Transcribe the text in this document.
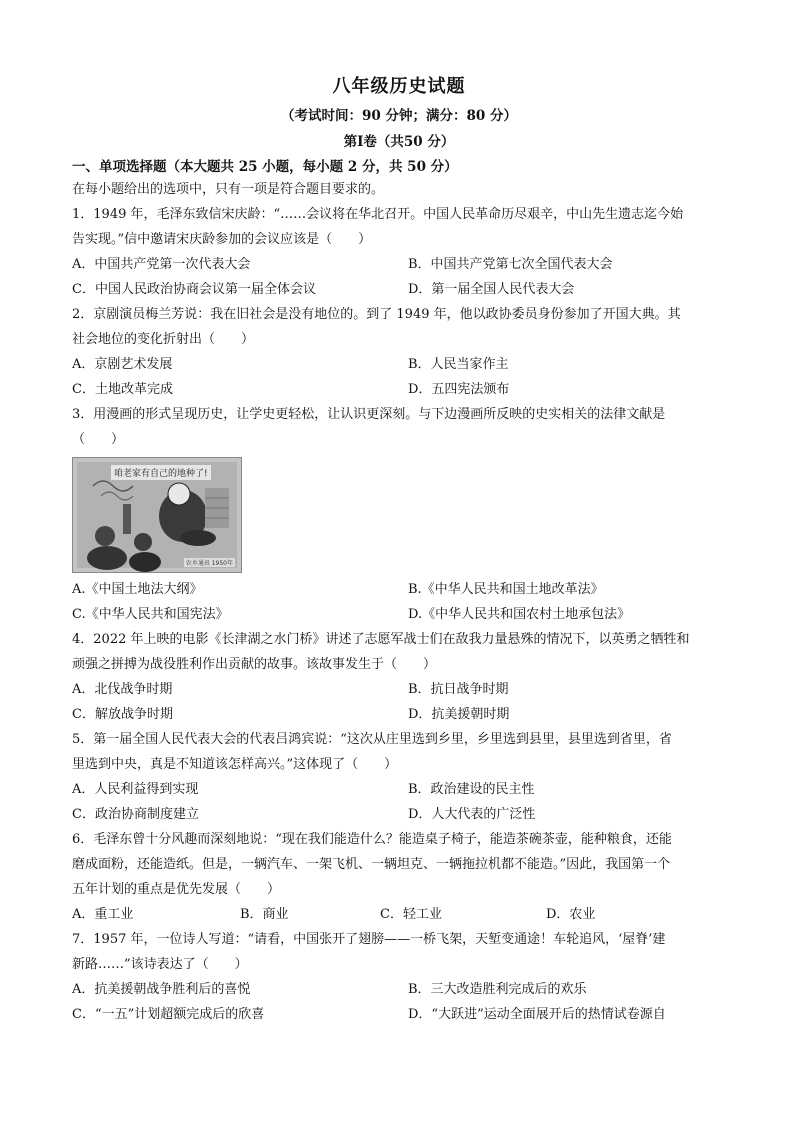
八年级历史试题
（考试时间：90 分钟；满分：80 分）
第Ⅰ卷（共50 分）
一、单项选择题（本大题共 25 小题，每小题 2 分，共 50 分）
在每小题给出的选项中，只有一项是符合题目要求的。
1．1949 年，毛泽东致信宋庆龄：“……会议将在华北召开。中国人民革命历尽艰辛，中山先生遗志迄今始
告实现。”信中邀请宋庆龄参加的会议应该是（　　）
A．中国共产党第一次代表大会	B．中国共产党第七次全国代表大会
C．中国人民政治协商会议第一届全体会议	D．第一届全国人民代表大会
2．京剧演员梅兰芳说：我在旧社会是没有地位的。到了 1949 年，他以政协委员身份参加了开国大典。其
社会地位的变化折射出（　　）
A．京剧艺术发展	B．人民当家作主
C．土地改革完成	D．五四宪法颁布
3．用漫画的形式呈现历史，让学史更轻松，让认识更深刻。与下边漫画所反映的史实相关的法律文献是
（　　）
咱老家有自己的地种了!
农乡通讯 1950年
A.《中国土地法大纲》	B.《中华人民共和国土地改革法》
C.《中华人民共和国宪法》	D.《中华人民共和国农村土地承包法》
4．2022 年上映的电影《长津湖之水门桥》讲述了志愿军战士们在敌我力量悬殊的情况下，以英勇之牺牲和
顽强之拼搏为战役胜利作出贡献的故事。该故事发生于（　　）
A．北伐战争时期	B．抗日战争时期
C．解放战争时期	D．抗美援朝时期
5．第一届全国人民代表大会的代表吕鸿宾说：“这次从庄里选到乡里，乡里选到县里，县里选到省里，省
里选到中央，真是不知道该怎样高兴。”这体现了（　　）
A．人民利益得到实现	B．政治建设的民主性
C．政治协商制度建立	D．人大代表的广泛性
6．毛泽东曾十分风趣而深刻地说：“现在我们能造什么？能造桌子椅子，能造茶碗茶壶，能种粮食，还能
磨成面粉，还能造纸。但是，一辆汽车、一架飞机、一辆坦克、一辆拖拉机都不能造。”因此，我国第一个
五年计划的重点是优先发展（　　）
A．重工业	B．商业	C．轻工业	D．农业
7．1957 年，一位诗人写道：“请看，中国张开了翅膀——一桥飞架，天堑变通途！车轮追风，‘屋脊’建
新路……”该诗表达了（　　）
A．抗美援朝战争胜利后的喜悦	B．三大改造胜利完成后的欢乐
C．“一五”计划超额完成后的欣喜	D．“大跃进”运动全面展开后的热情试卷源自
